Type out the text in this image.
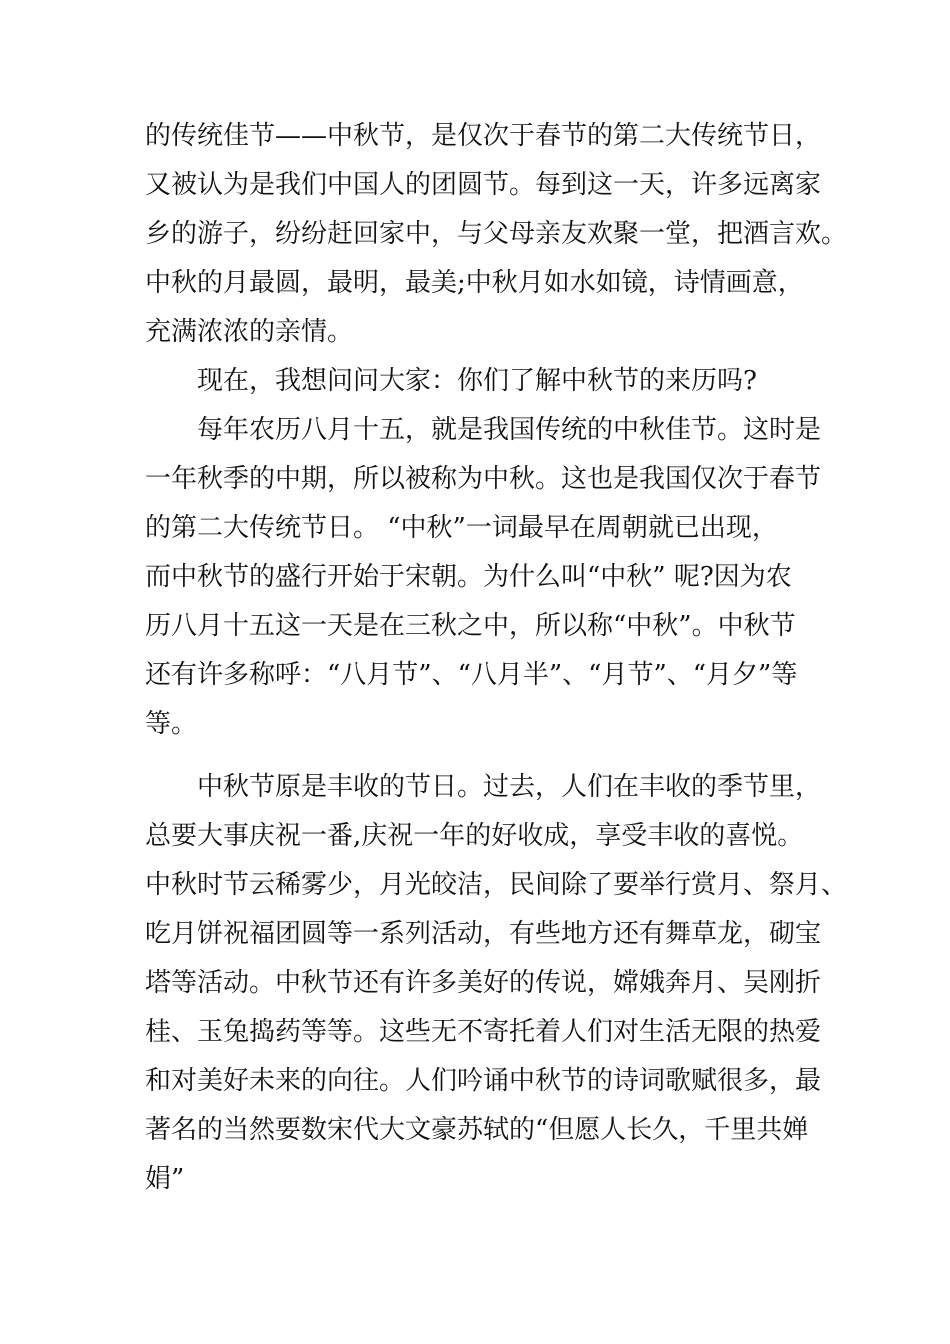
的传统佳节——中秋节，是仅次于春节的第二大传统节日，
又被认为是我们中国人的团圆节。每到这一天，许多远离家
乡的游子，纷纷赶回家中，与父母亲友欢聚一堂，把酒言欢。
中秋的月最圆，最明，最美;中秋月如水如镜，诗情画意，
充满浓浓的亲情。
现在，我想问问大家：你们了解中秋节的来历吗?
每年农历八月十五，就是我国传统的中秋佳节。这时是
一年秋季的中期，所以被称为中秋。这也是我国仅次于春节
的第二大传统节日。 “中秋”一词最早在周朝就已出现，
而中秋节的盛行开始于宋朝。为什么叫“中秋” 呢?因为农
历八月十五这一天是在三秋之中，所以称“中秋”。中秋节
还有许多称呼：“八月节”、“八月半”、“月节”、“月夕”等
等。
中秋节原是丰收的节日。过去，人们在丰收的季节里，
总要大事庆祝一番,庆祝一年的好收成，享受丰收的喜悦。
中秋时节云稀雾少，月光皎洁，民间除了要举行赏月、祭月、
吃月饼祝福团圆等一系列活动，有些地方还有舞草龙，砌宝
塔等活动。中秋节还有许多美好的传说，嫦娥奔月、吴刚折
桂、玉兔捣药等等。这些无不寄托着人们对生活无限的热爱
和对美好未来的向往。人们吟诵中秋节的诗词歌赋很多，最
著名的当然要数宋代大文豪苏轼的“但愿人长久，千里共婵
娟”
